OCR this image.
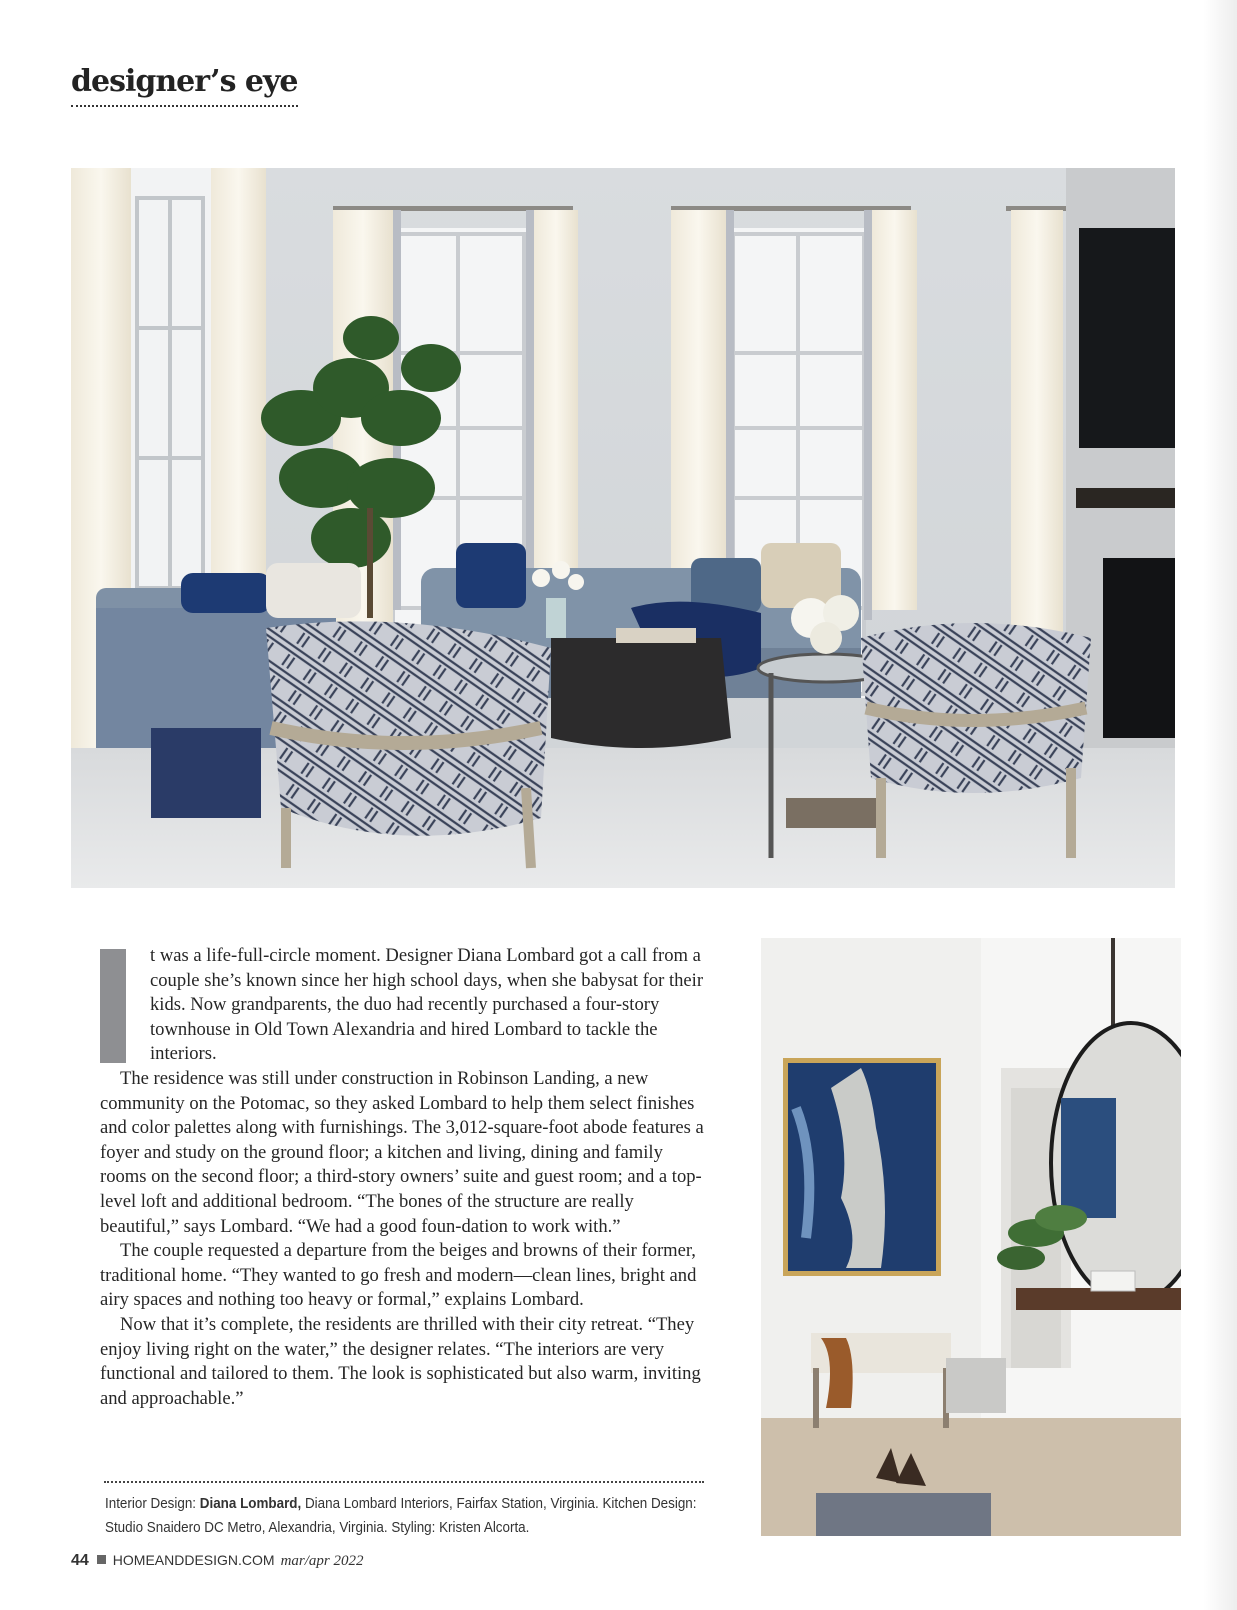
designer’s eye

t was a life-full-circle moment. Designer Diana Lombard got a call from a couple she’s known since her high school days, when she babysat for their kids. Now grandparents, the duo had recently purchased a four-story townhouse in Old Town Alexandria and hired Lombard to tackle the interiors.

The residence was still under construction in Robinson Landing, a new community on the Potomac, so they asked Lombard to help them select finishes and color palettes along with furnishings. The 3,012-square-foot abode features a foyer and study on the ground floor; a kitchen and living, dining and family rooms on the second floor; a third-story owners’ suite and guest room; and a top-level loft and additional bedroom. “The bones of the structure are really beautiful,” says Lombard. “We had a good foun-dation to work with.”

The couple requested a departure from the beiges and browns of their former, traditional home. “They wanted to go fresh and modern—clean lines, bright and airy spaces and nothing too heavy or formal,” explains Lombard.

Now that it’s complete, the residents are thrilled with their city retreat. “They enjoy living right on the water,” the designer relates. “The interiors are very functional and tailored to them. The look is sophisticated but also warm, inviting and approachable.”

Interior Design: Diana Lombard, Diana Lombard Interiors, Fairfax Station, Virginia. Kitchen Design: Studio Snaidero DC Metro, Alexandria, Virginia. Styling: Kristen Alcorta.
44 HOMEANDDESIGN.COM mar/apr 2022
